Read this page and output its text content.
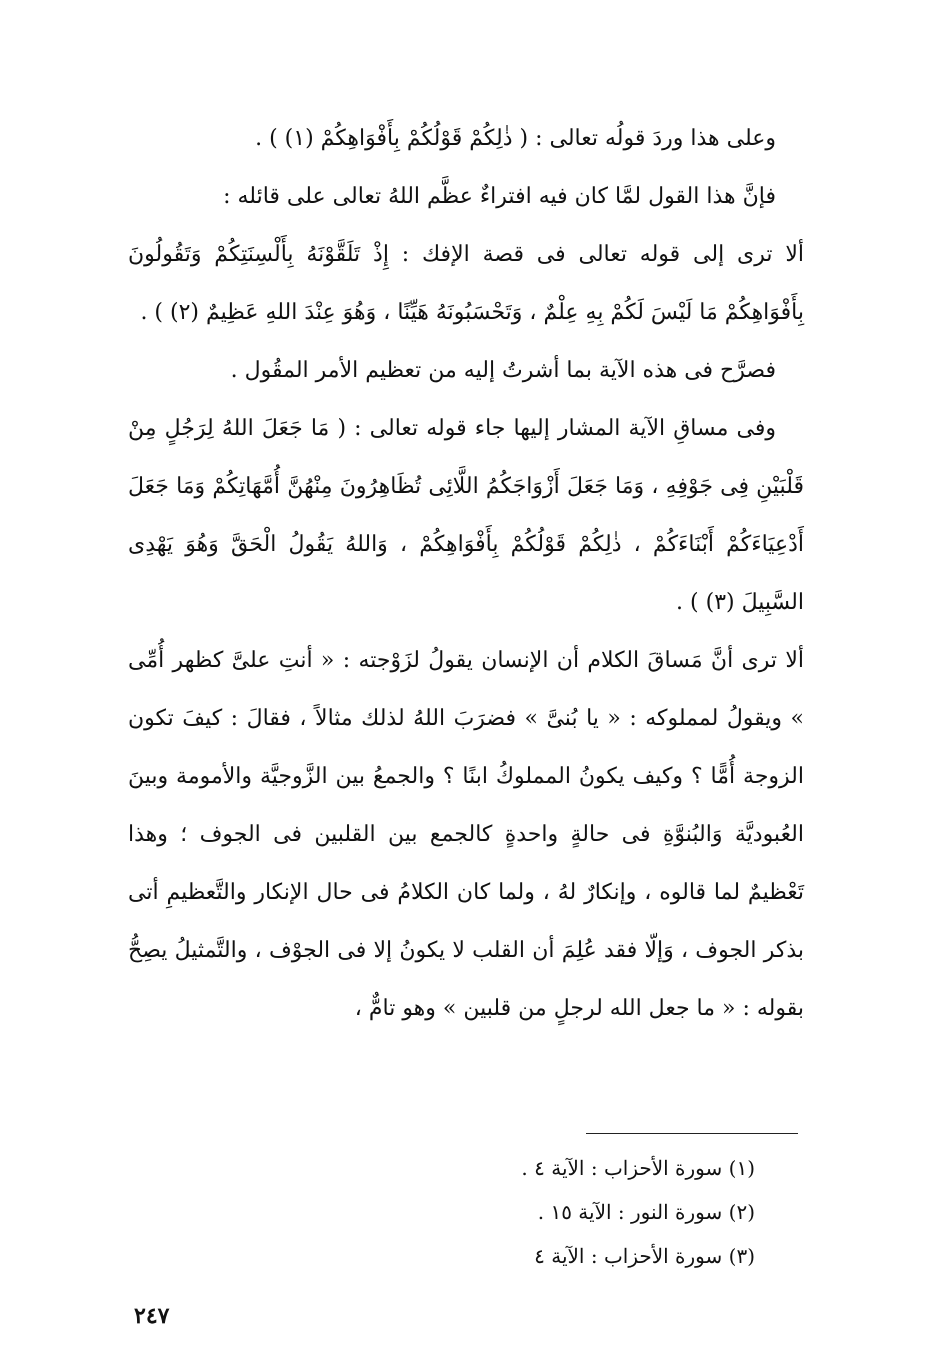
وعلى هذا وردَ قولُه تعالى : ( ذٰلِكُمْ قَوْلُكُمْ بِأَفْوَاهِكُمْ (١) ) .

فإنَّ هذا القول لمَّا كان فيه افتراءٌ عظَّم اللهُ تعالى على قائله :

ألا ترى إلى قوله تعالى فى قصة الإفك : إِذْ تَلَقَّوْنَهُ بِأَلْسِنَتِكُمْ وَتَقُولُونَ بِأَفْوَاهِكُمْ مَا لَيْسَ لَكُمْ بِهِ عِلْمٌ ، وَتَحْسَبُونَهُ هَيِّنًا ، وَهُوَ عِنْدَ اللهِ عَظِيمٌ (٢) ) .

فصرَّح فى هذه الآية بما أشرتُ إليه من تعظيم الأمر المقُول .

وفى مساقِ الآية المشار إليها جاء قوله تعالى : ( مَا جَعَلَ اللهُ لِرَجُلٍ مِنْ قَلْبَيْنِ فِى جَوْفِهِ ، وَمَا جَعَلَ أَزْوَاجَكُمُ اللَّائِى تُظَاهِرُونَ مِنْهُنَّ أُمَّهَاتِكُمْ وَمَا جَعَلَ أَدْعِيَاءَكُمْ أَبْنَاءَكُمْ ، ذٰلِكُمْ قَوْلُكُمْ بِأَفْوَاهِكُمْ ، وَاللهُ يَقُولُ الْحَقَّ وَهُوَ يَهْدِى السَّبِيلَ (٣) ) .

ألا ترى أنَّ مَساقَ الكلام أن الإنسان يقولُ لزَوْجته : « أنتِ علىَّ كظهر أُمِّى » ويقولُ لمملوكه : « يا بُنىَّ » فضرَبَ اللهُ لذلك مثالاً ، فقالَ : كيفَ تكون الزوجة أُمًّا ؟ وكيف يكونُ المملوكُ ابنًا ؟ والجمعُ بين الزَّوجيَّة والأمومة وبينَ العُبوديَّة وَالبُنوَّةِ فى حالةٍ واحدةٍ كالجمع بين القلبين فى الجوف ؛ وهذا تَعْظيمٌ لما قالوه ، وإنكارٌ لهُ ، ولما كان الكلامُ فى حال الإنكار والتَّعظيمِ أتى بذكر الجوف ، وَإلّا فقد عُلِمَ أن القلب لا يكونُ إلا فى الجوْف ، والتَّمثيلُ يصِحُّ بقوله : « ما جعل الله لرجلٍ من قلبين » وهو تامٌّ ،

(١) سورة الأحزاب : الآية ٤ .
(٢) سورة النور : الآية ١٥ .
(٣) سورة الأحزاب : الآية ٤
٢٤٧
